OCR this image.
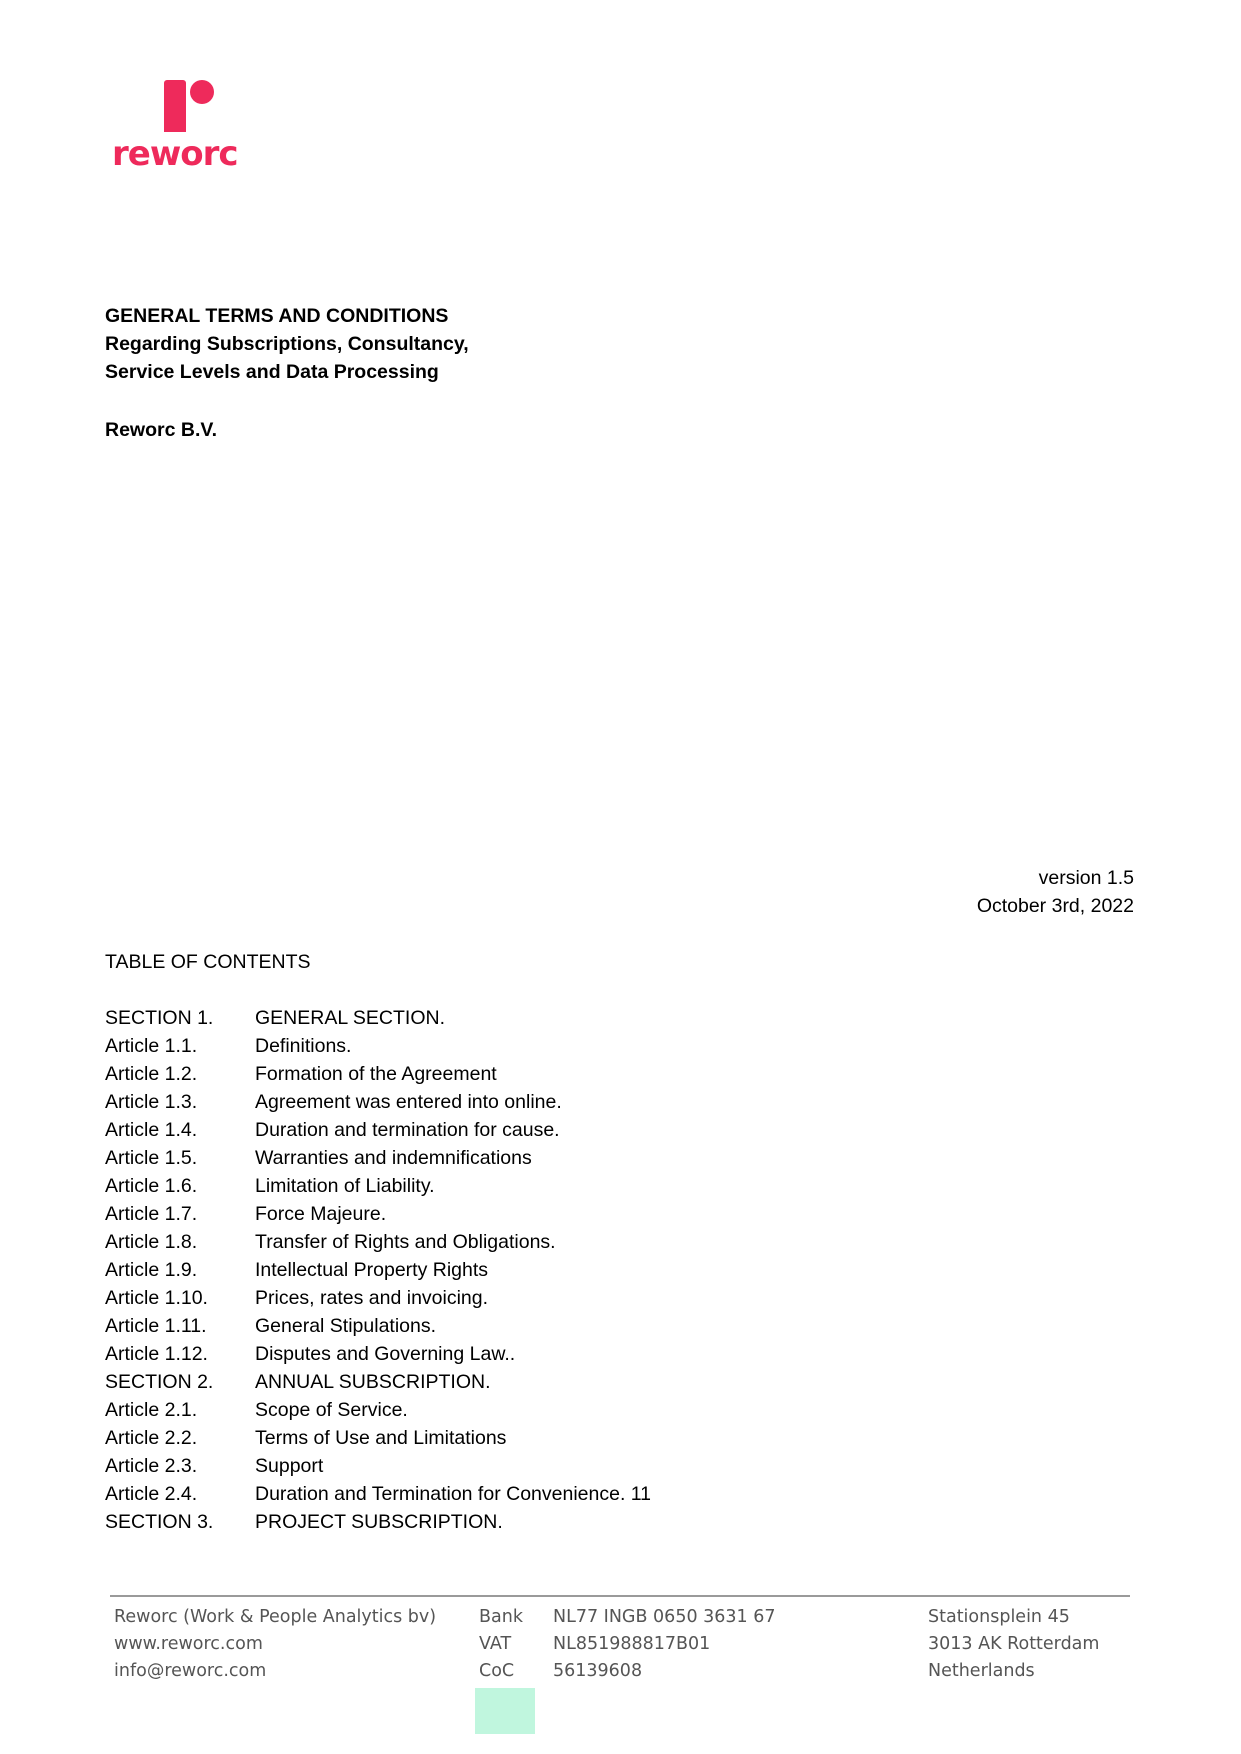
reworc
GENERAL TERMS AND CONDITIONS
Regarding Subscriptions, Consultancy,
Service Levels and Data Processing
Reworc B.V.
version 1.5
October 3rd, 2022
TABLE OF CONTENTS
SECTION 1. GENERAL SECTION.
Article 1.1.	Definitions.
Article 1.2.	Formation of the Agreement
Article 1.3.	Agreement was entered into online.
Article 1.4.	Duration and termination for cause.
Article 1.5.	Warranties and indemnifications
Article 1.6.	Limitation of Liability.
Article 1.7.	Force Majeure.
Article 1.8.	Transfer of Rights and Obligations.
Article 1.9.	Intellectual Property Rights
Article 1.10. Prices, rates and invoicing.
Article 1.11. General Stipulations.
Article 1.12. Disputes and Governing Law..
SECTION 2. ANNUAL SUBSCRIPTION.
Article 2.1.	Scope of Service.
Article 2.2.	Terms of Use and Limitations
Article 2.3.	Support
Article 2.4.	Duration and Termination for Convenience. 11
SECTION 3. PROJECT SUBSCRIPTION.
Reworc (Work & People Analytics bv)
www.reworc.com
info@reworc.com
Bank
VAT
CoC
NL77 INGB 0650 3631 67
NL851988817B01
56139608
Stationsplein 45
3013 AK Rotterdam
Netherlands
